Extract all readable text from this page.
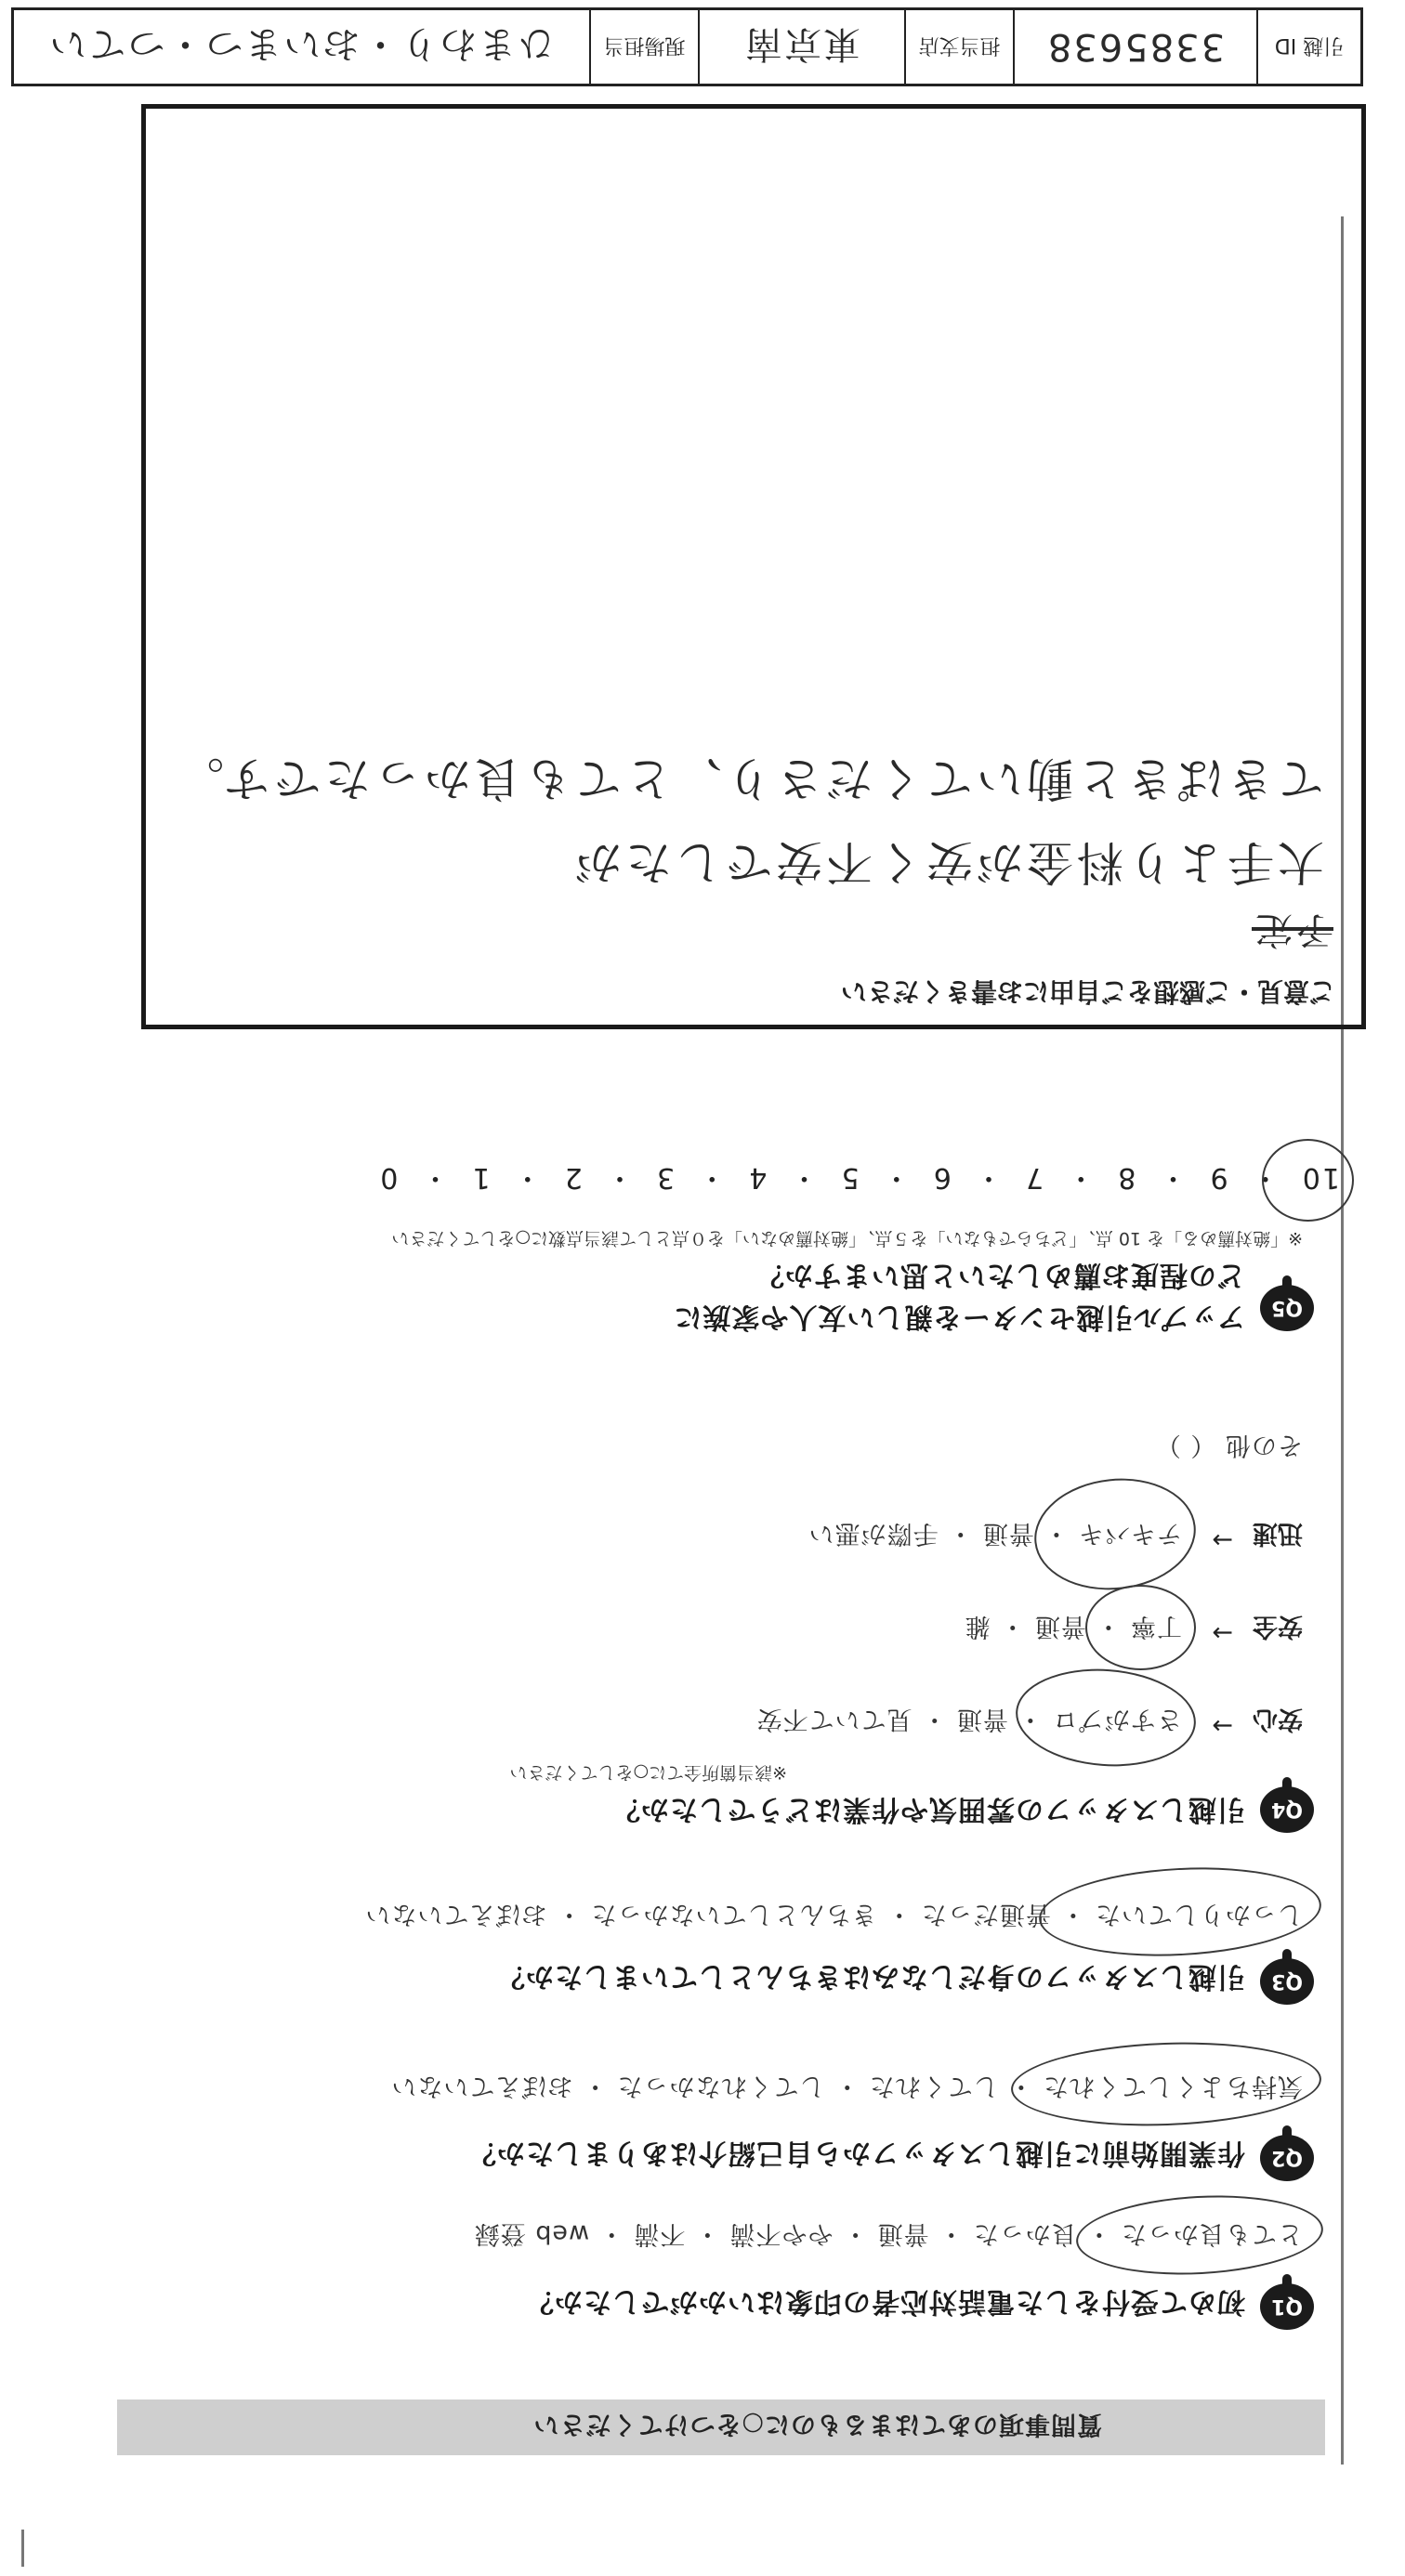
質問事項のあてはまるものに○をつけてください
Q1
初めて受付をした電話対応者の印象はいかがでしたか？
とても良かった ・ 良かった ・ 普通 ・ やや不満 ・ 不満 ・ web 登録
Q2
作業開始前に引越しスタッフから自己紹介はありましたか？
気持ちよくしてくれた ・ してくれた ・ してくれなかった ・ おぼえていない
Q3
引越しスタッフの身だしなみはきちんとしていましたか？
しっかりしていた ・ 普通だった ・ きちんとしていなかった ・ おぼえていない
Q4
引越しスタッフの雰囲気や作業はどうでしたか？
※該当箇所全てに○をしてください
安心
→
さすがプロ ・ 普通 ・ 見ていて不安
安全
→
丁寧 ・ 普通 ・ 雑
迅速
→
テキパキ ・ 普通 ・ 手際が悪い
その他 （ ）
Q5
アップル引越センターを親しい友人や家族に
どの程度お薦めしたいと思いますか？
※「絶対薦める」を 10 点、「どちらでもない」を５点、「絶対薦めない」を０点として該当点数に○をしてください
10  ・  9  ・  8  ・  7  ・  6  ・  5  ・  4  ・  3  ・  2  ・  1  ・  0
ご意見・ご感想をご自由にお書きください
予定
大手より料金が安く不安でしたが
てきぱきと動いてくださり、とても良かったです。
引越 ID
3385638
担当支店
東京南
現場担当
ひまわり・おいまつ・つてい
